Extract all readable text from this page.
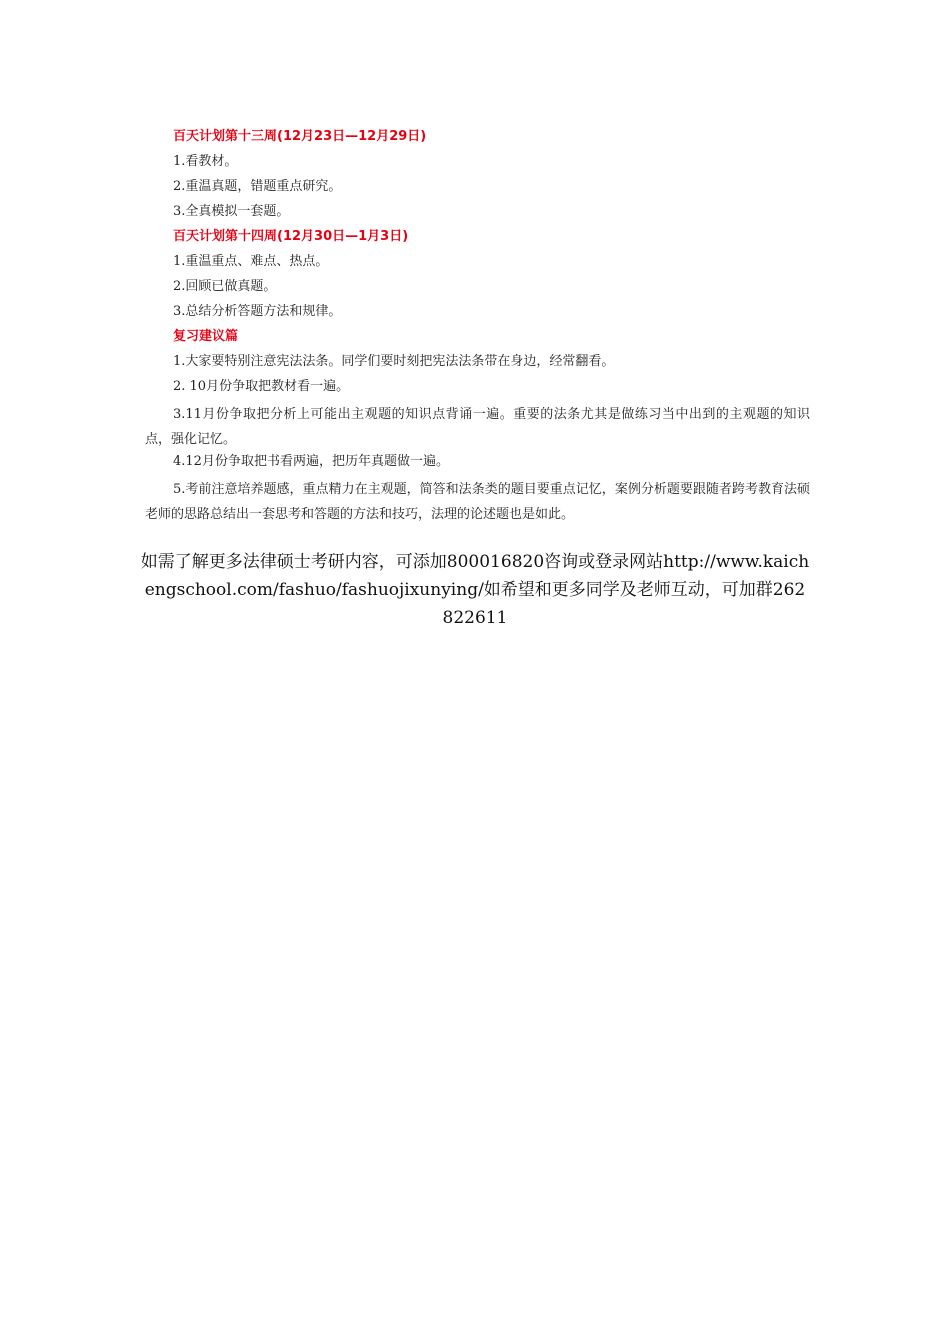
百天计划第十三周(12月23日—12月29日)
1.看教材。
2.重温真题，错题重点研究。
3.全真模拟一套题。
百天计划第十四周(12月30日—1月3日)
1.重温重点、难点、热点。
2.回顾已做真题。
3.总结分析答题方法和规律。
复习建议篇
1.大家要特别注意宪法法条。同学们要时刻把宪法法条带在身边，经常翻看。
2. 10月份争取把教材看一遍。

3.11月份争取把分析上可能出主观题的知识点背诵一遍。重要的法条尤其是做练习当中出到的主观题的知识点，强化记忆。

4.12月份争取把书看两遍，把历年真题做一遍。

5.考前注意培养题感，重点精力在主观题，简答和法条类的题目要重点记忆，案例分析题要跟随者跨考教育法硕老师的思路总结出一套思考和答题的方法和技巧，法理的论述题也是如此。

如需了解更多法律硕士考研内容，可添加800016820咨询或登录网站http://www.kaichengschool.com/fashuo/fashuojixunying/如希望和更多同学及老师互动，可加群262822611
